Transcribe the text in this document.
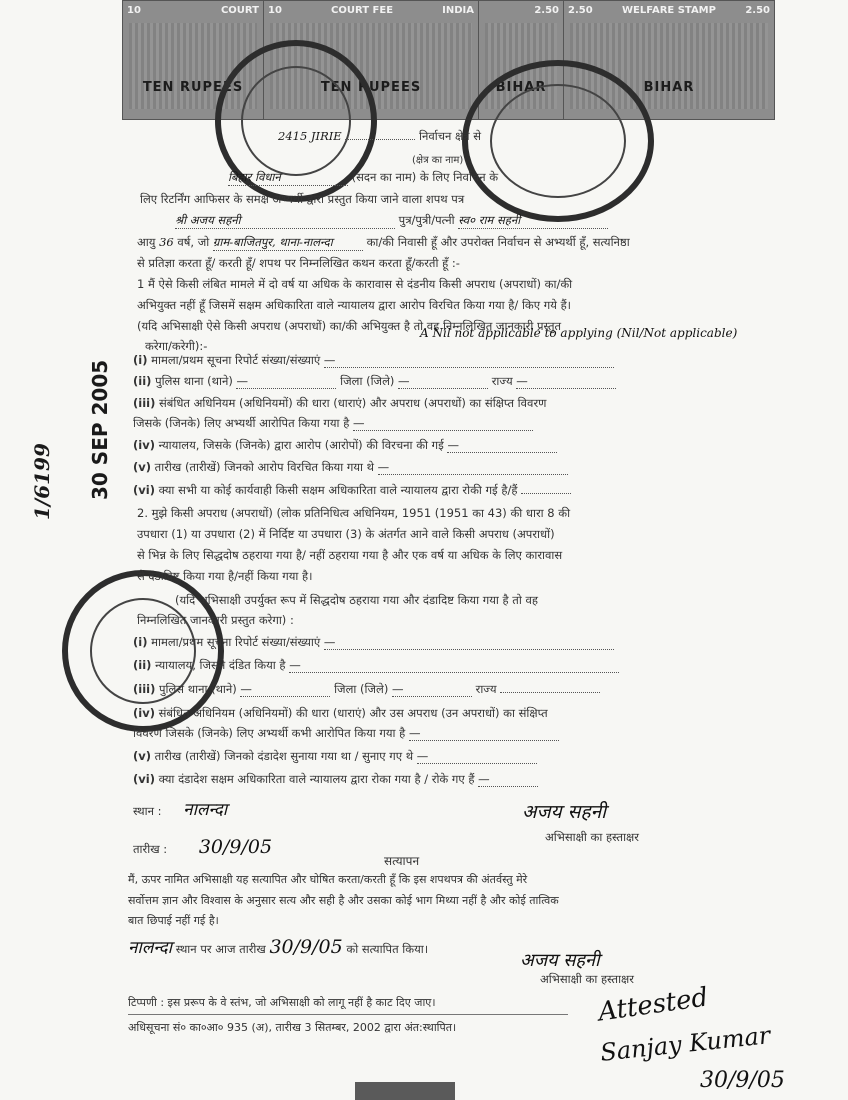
10	COURT
TEN RUPEES
10	COURT FEE	INDIA
TEN RUPEES
2.50
BIHAR
2.50	WELFARE STAMP	2.50
BIHAR
30 SEP 2005
1/6199
2415 JIRIE	निर्वाचन क्षेत्र से
(क्षेत्र का नाम)
बिहार विधान	(सदन का नाम) के लिए निर्वाचन के
लिए रिटर्निंग आफिसर के समक्ष अभ्यर्थी द्वारा प्रस्तुत किया जाने वाला शपथ पत्र
श्री अजय सहनी	पुत्र/पुत्री/पत्नी स्व० राम सहनी
आयु 36 वर्ष, जो ग्राम-बाजितपुर, थाना-नालन्दा	का/की निवासी हूँ और उपरोक्त निर्वाचन से अभ्यर्थी हूँ, सत्यनिष्ठा
से प्रतिज्ञा करता हूँ/ करती हूँ/ शपथ पर निम्नलिखित कथन करता हूँ/करती हूँ :-
1 मैं ऐसे किसी लंबित मामले में दो वर्ष या अधिक के कारावास से दंडनीय किसी अपराध (अपराधों) का/की
अभियुक्त नहीं हूँ जिसमें सक्षम अधिकारिता वाले न्यायालय द्वारा आरोप विरचित किया गया है/ किए गये हैं।
(यदि अभिसाक्षी ऐसे किसी अपराध (अपराधों) का/की अभियुक्त है तो वह निम्नलिखित जानकारी प्रस्तुत
करेगा/करेगी):-
A Nil not applicable to applying (Nil/Not applicable)
(i) मामला/प्रथम सूचना रिपोर्ट संख्या/संख्याएं —
(ii) पुलिस थाना (थाने) —	जिला (जिले) —	राज्य —
(iii) संबंधित अधिनियम (अधिनियमों) की धारा (धाराएं) और अपराध (अपराधों) का संक्षिप्त विवरण
जिसके (जिनके) लिए अभ्यर्थी आरोपित किया गया है —
(iv) न्यायालय, जिसके (जिनके) द्वारा आरोप (आरोपों) की विरचना की गई —
(v) तारीख (तारीखें) जिनको आरोप विरचित किया गया थे —
(vi) क्या सभी या कोई कार्यवाही किसी सक्षम अधिकारिता वाले न्यायालय द्वारा रोकी गई है/हैं
2. मुझे किसी अपराध (अपराधों) (लोक प्रतिनिधित्व अधिनियम, 1951 (1951 का 43) की धारा 8 की
उपधारा (1) या उपधारा (2) में निर्दिष्ट या उपधारा (3) के अंतर्गत आने वाले किसी अपराध (अपराधों)
से भिन्न के लिए सिद्धदोष ठहराया गया है/ नहीं ठहराया गया है और एक वर्ष या अधिक के लिए कारावास
से दंडादिष्ट किया गया है/नहीं किया गया है।
(यदि अभिसाक्षी उपर्युक्त रूप में सिद्धदोष ठहराया गया और दंडादिष्ट किया गया है तो वह
निम्नलिखित जानकारी प्रस्तुत करेगा) :
(i) मामला/प्रथम सूचना रिपोर्ट संख्या/संख्याएं —
(ii) न्यायालय, जिसने दंडित किया है —
(iii) पुलिस थाना (थाने) —	जिला (जिले) —	राज्य
(iv) संबंधित अधिनियम (अधिनियमों) की धारा (धाराएं) और उस अपराध (उन अपराधों) का संक्षिप्त
विवरण जिसके (जिनके) लिए अभ्यर्थी कभी आरोपित किया गया है —
(v) तारीख (तारीखें) जिनको दंडादेश सुनाया गया था / सुनाए गए थे —
(vi) क्या दंडादेश सक्षम अधिकारिता वाले न्यायालय द्वारा रोका गया है / रोके गए हैं —
स्थान : नालन्दा	अजय सहनी
अभिसाक्षी का हस्ताक्षर
तारीख : 30/9/05
सत्यापन
मैं, ऊपर नामित अभिसाक्षी यह सत्यापित और घोषित करता/करती हूँ कि इस शपथपत्र की अंतर्वस्तु मेरे
सर्वोत्तम ज्ञान और विश्वास के अनुसार सत्य और सही है और उसका कोई भाग मिथ्या नहीं है और कोई तात्विक
बात छिपाई नहीं गई है।
नालन्दा स्थान पर आज तारीख 30/9/05 को सत्यापित किया।
अजय सहनी
अभिसाक्षी का हस्ताक्षर
टिप्पणी : इस प्ररूप के वे स्तंभ, जो अभिसाक्षी को लागू नहीं है काट दिए जाए।
अधिसूचना सं० का०आ० 935 (अ), तारीख 3 सितम्बर, 2002 द्वारा अंत:स्थापित।	Attested
Sanjay Kumar
30/9/05
